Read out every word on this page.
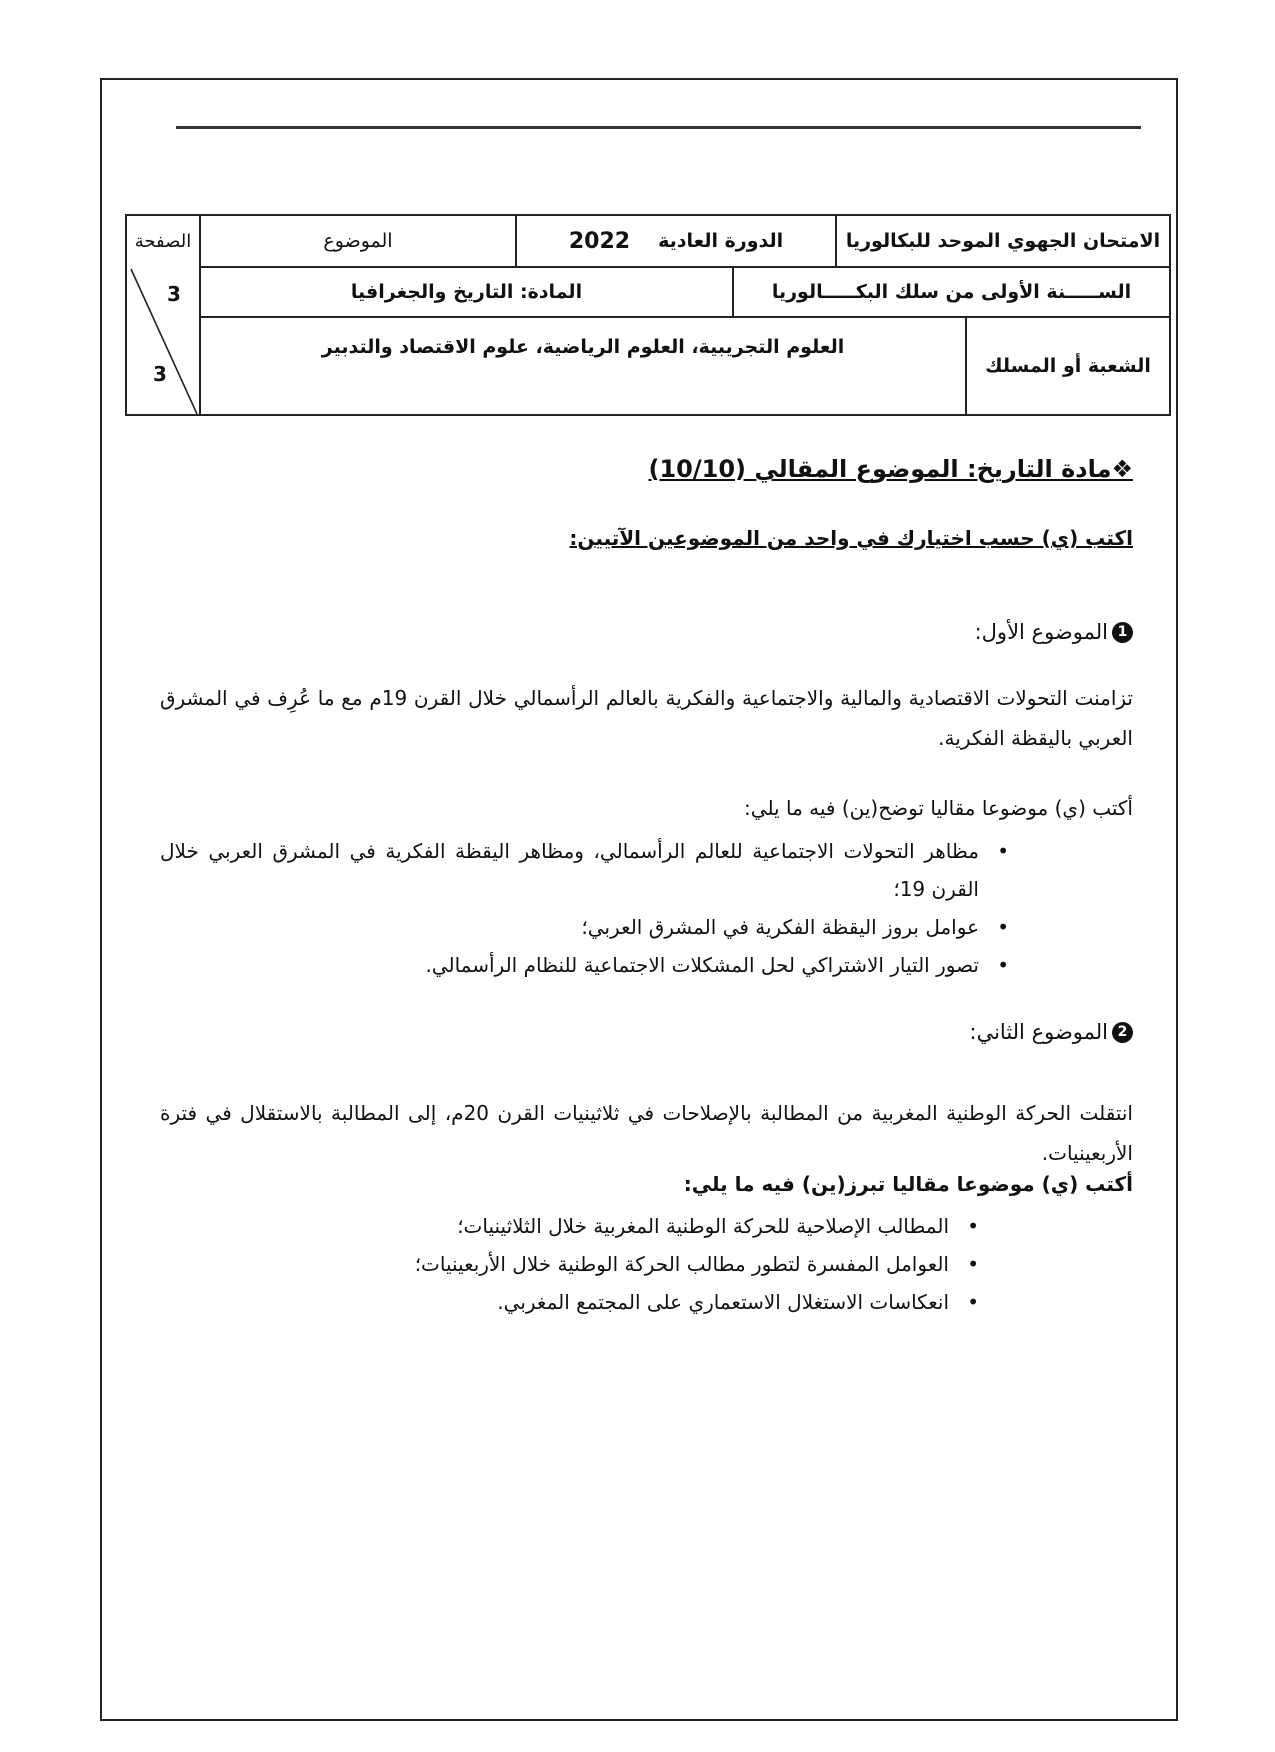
الامتحان الجهوي الموحد للبكالوريا
الدورة العادية
2022
الموضوع
الصفحة
الســـــنة الأولى من سلك البكـــــالوريا
المادة: التاريخ والجغرافيا
الشعبة أو المسلك
العلوم التجريبية، العلوم الرياضية، علوم الاقتصاد والتدبير
3
3
❖مادة التاريخ: الموضوع المقالي (10/10)
اكتب (ي) حسب اختيارك في واحد من الموضوعين الآتيين:
1
الموضوع الأول:
تزامنت التحولات الاقتصادية والمالية والاجتماعية والفكرية بالعالم الرأسمالي خلال القرن 19م مع ما عُرِف في المشرق العربي باليقظة الفكرية.
أكتب (ي) موضوعا مقاليا توضح(ين) فيه ما يلي:
• مظاهر التحولات الاجتماعية للعالم الرأسمالي، ومظاهر اليقظة الفكرية في المشرق العربي خلال القرن 19؛
• عوامل بروز اليقظة الفكرية في المشرق العربي؛
• تصور التيار الاشتراكي لحل المشكلات الاجتماعية للنظام الرأسمالي.
2
الموضوع الثاني:
انتقلت الحركة الوطنية المغربية من المطالبة بالإصلاحات في ثلاثينيات القرن 20م، إلى المطالبة بالاستقلال في فترة الأربعينيات.
أكتب (ي) موضوعا مقاليا تبرز(ين) فيه ما يلي:
• المطالب الإصلاحية للحركة الوطنية المغربية خلال الثلاثينيات؛
• العوامل المفسرة لتطور مطالب الحركة الوطنية خلال الأربعينيات؛
• انعكاسات الاستغلال الاستعماري على المجتمع المغربي.
